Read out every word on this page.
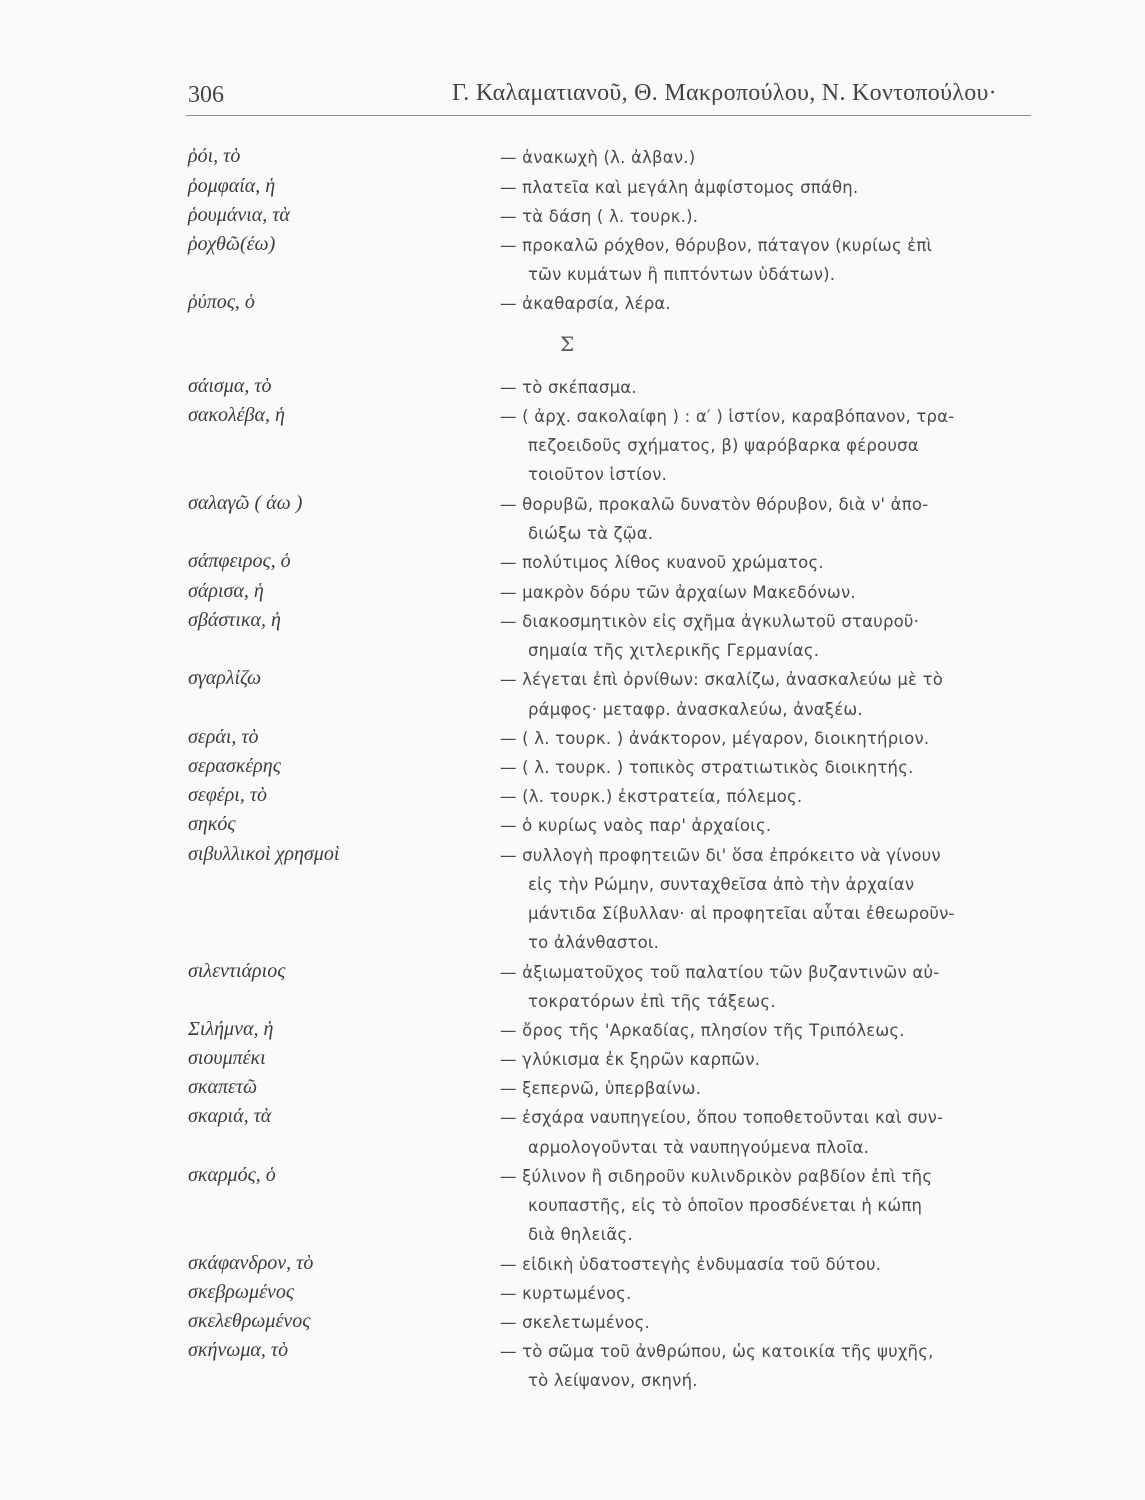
306	Γ. Καλαματιανοῦ, Θ. Μακροπούλου, Ν. Κοντοπούλου·
Σ
ῥόι, τὸ	— ἀνακωχὴ (λ. ἀλβαν.)
ῥομφαία, ἡ	— πλατεῖα καὶ μεγάλη ἀμφίστομος σπάθη.
ῥουμάνια, τὰ	— τὰ δάση ( λ. τουρκ.).
ῥοχθῶ(έω)	— προκαλῶ ρόχθον, θόρυβον, πάταγον (κυρίως ἐπὶ
τῶν κυμάτων ἢ πιπτόντων ὑδάτων).
ῥύπος, ὁ	— ἀκαθαρσία, λέρα.
σάισμα, τὸ	— τὸ σκέπασμα.
σακολέβα, ἡ	— ( ἀρχ. σακολαίφη ) : α′ ) ἱστίον, καραβόπανον, τρα-
πεζοειδοῦς σχήματος, β) ψαρόβαρκα φέρουσα
τοιοῦτον ἱστίον.
σαλαγῶ ( άω )	— θορυβῶ, προκαλῶ δυνατὸν θόρυβον, διὰ ν' ἀπο-
διώξω τὰ ζῷα.
σάπφειρος, ὁ	— πολύτιμος λίθος κυανοῦ χρώματος.
σάρισα, ἡ	— μακρὸν δόρυ τῶν ἀρχαίων Μακεδόνων.
σβάστικα, ἡ	— διακοσμητικὸν εἰς σχῆμα ἀγκυλωτοῦ σταυροῦ·
σημαία τῆς χιτλερικῆς Γερμανίας.
σγαρλίζω	— λέγεται ἐπὶ ὀρνίθων: σκαλίζω, ἀνασκαλεύω μὲ τὸ
ράμφος· μεταφρ. ἀνασκαλεύω, ἀναξέω.
σεράι, τὸ	— ( λ. τουρκ. ) ἀνάκτορον, μέγαρον, διοικητήριον.
σερασκέρης	— ( λ. τουρκ. ) τοπικὸς στρατιωτικὸς διοικητής.
σεφέρι, τὸ	— (λ. τουρκ.) ἐκστρατεία, πόλεμος.
σηκός	— ὁ κυρίως ναὸς παρ' ἀρχαίοις.
σιβυλλικοὶ χρησμοὶ	— συλλογὴ προφητειῶν δι' ὅσα ἐπρόκειτο νὰ γίνουν
εἰς τὴν Ρώμην, συνταχθεῖσα ἀπὸ τὴν ἀρχαίαν
μάντιδα Σίβυλλαν· αἱ προφητεῖαι αὗται ἐθεωροῦν-
το ἀλάνθαστοι.
σιλεντιάριος	— ἀξιωματοῦχος τοῦ παλατίου τῶν βυζαντινῶν αὐ-
τοκρατόρων ἐπὶ τῆς τάξεως.
Σιλήμνα, ἡ	— ὄρος τῆς 'Αρκαδίας, πλησίον τῆς Τριπόλεως.
σιουμπέκι	— γλύκισμα ἐκ ξηρῶν καρπῶν.
σκαπετῶ	— ξεπερνῶ, ὑπερβαίνω.
σκαριά, τὰ	— ἐσχάρα ναυπηγείου, ὅπου τοποθετοῦνται καὶ συν-
αρμολογοῦνται τὰ ναυπηγούμενα πλοῖα.
σκαρμός, ὁ	— ξύλινον ἢ σιδηροῦν κυλινδρικὸν ραβδίον ἐπὶ τῆς
κουπαστῆς, εἰς τὸ ὁποῖον προσδένεται ἡ κώπη
διὰ θηλειᾶς.
σκάφανδρον, τὸ	— εἰδικὴ ὑδατοστεγὴς ἐνδυμασία τοῦ δύτου.
σκεβρωμένος	— κυρτωμένος.
σκελεθρωμένος	— σκελετωμένος.
σκήνωμα, τὸ	— τὸ σῶμα τοῦ ἀνθρώπου, ὡς κατοικία τῆς ψυχῆς,
τὸ λείψανον, σκηνή.
